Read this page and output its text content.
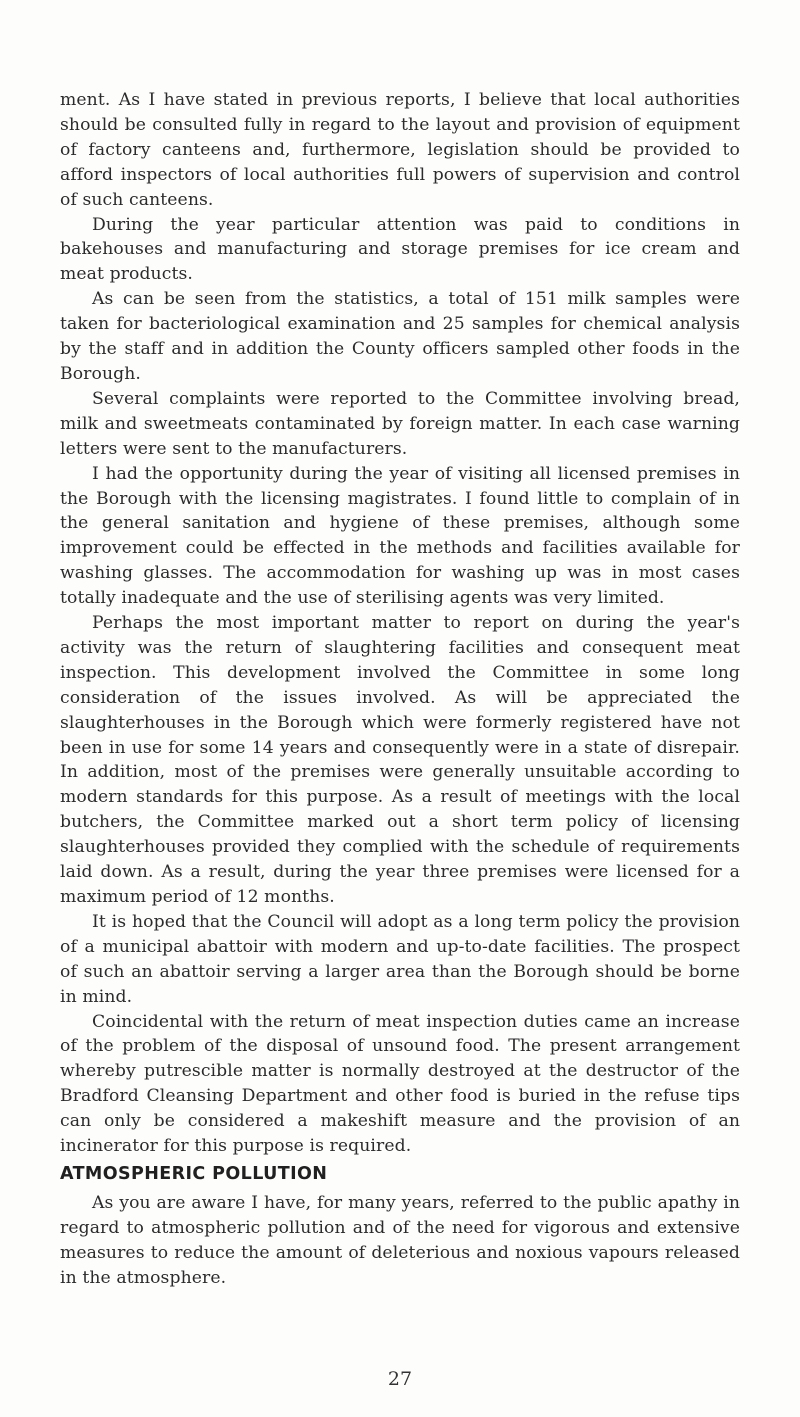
ment. As I have stated in previous reports, I believe that local authorities should be consulted fully in regard to the layout and provision of equipment of factory canteens and, furthermore, legislation should be provided to afford inspectors of local authorities full powers of supervision and control of such canteens.

During the year particular attention was paid to conditions in bakehouses and manufacturing and storage premises for ice cream and meat products.

As can be seen from the statistics, a total of 151 milk samples were taken for bacteriological examination and 25 samples for chemical analysis by the staff and in addition the County officers sampled other foods in the Borough.

Several complaints were reported to the Committee involving bread, milk and sweetmeats contaminated by foreign matter. In each case warning letters were sent to the manufacturers.

I had the opportunity during the year of visiting all licensed premises in the Borough with the licensing magistrates. I found little to complain of in the general sanitation and hygiene of these premises, although some improvement could be effected in the methods and facilities available for washing glasses. The accommodation for washing up was in most cases totally inadequate and the use of sterilising agents was very limited.

Perhaps the most important matter to report on during the year's activity was the return of slaughtering facilities and consequent meat inspection. This development involved the Committee in some long consideration of the issues involved. As will be appreciated the slaughterhouses in the Borough which were formerly registered have not been in use for some 14 years and consequently were in a state of disrepair. In addition, most of the premises were generally unsuitable according to modern standards for this purpose. As a result of meetings with the local butchers, the Committee marked out a short term policy of licensing slaughterhouses provided they complied with the schedule of requirements laid down. As a result, during the year three premises were licensed for a maximum period of 12 months.

It is hoped that the Council will adopt as a long term policy the provision of a municipal abattoir with modern and up-to-date facilities. The prospect of such an abattoir serving a larger area than the Borough should be borne in mind.

Coincidental with the return of meat inspection duties came an increase of the problem of the disposal of unsound food. The present arrangement whereby putrescible matter is normally destroyed at the destructor of the Bradford Cleansing Department and other food is buried in the refuse tips can only be considered a makeshift measure and the provision of an incinerator for this purpose is required.

ATMOSPHERIC POLLUTION

As you are aware I have, for many years, referred to the public apathy in regard to atmospheric pollution and of the need for vigorous and extensive measures to reduce the amount of deleterious and noxious vapours released in the atmosphere.

27
